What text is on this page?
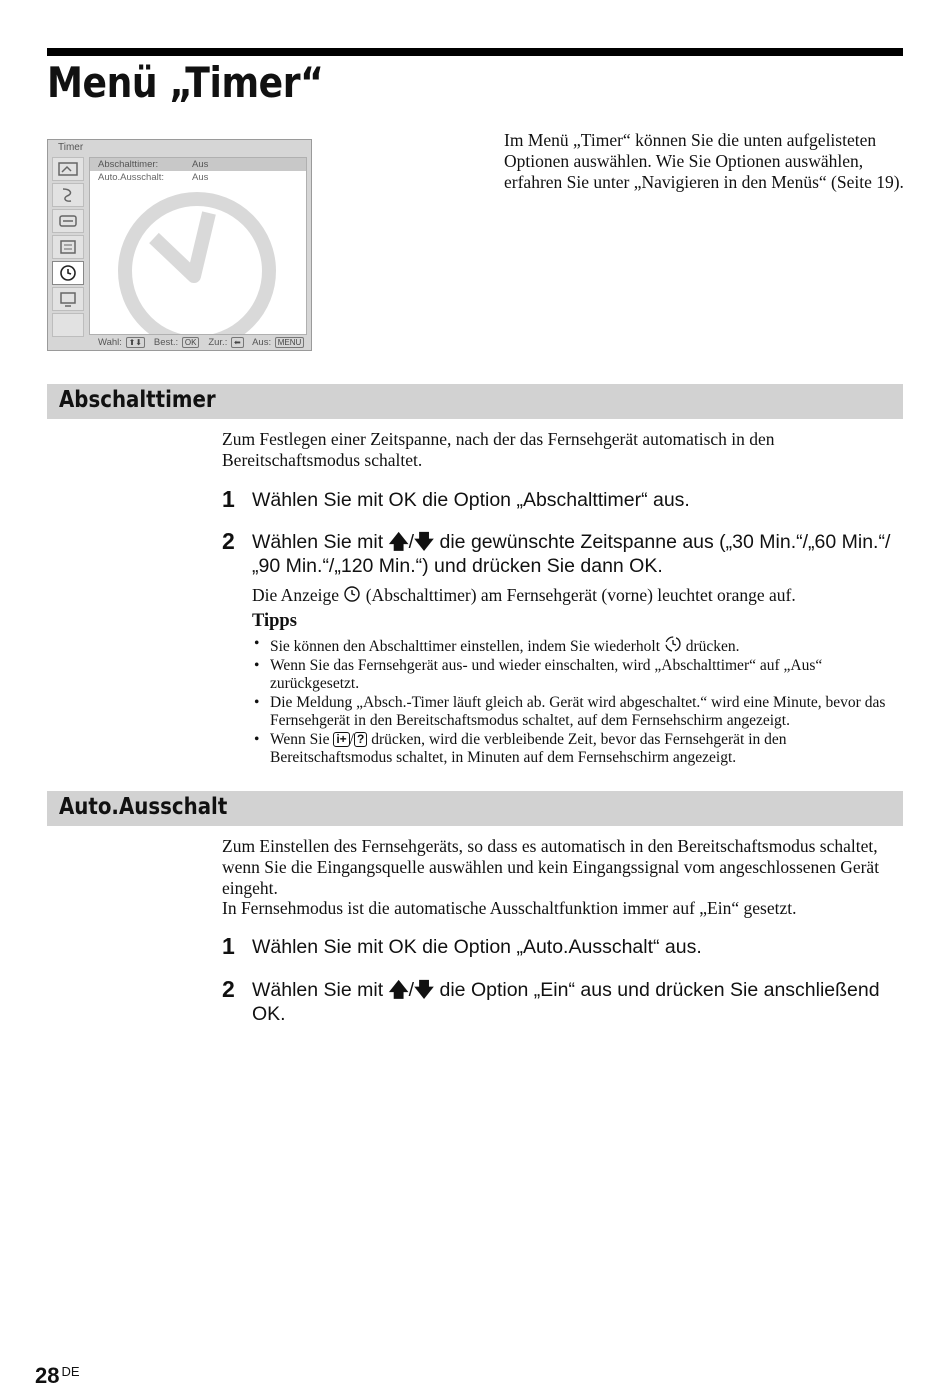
Menü „Timer“
Timer
Abschalttimer:	Aus
Auto.Ausschalt:	Aus
Wahl: ⬆⬇ Best.: OK Zur.: ⬅ Aus: MENU

Im Menü „Timer“ können Sie die unten aufgelisteten Optionen auswählen. Wie Sie Optionen auswählen, erfahren Sie unter „Navigieren in den Menüs“ (Seite 19).

Abschalttimer

Zum Festlegen einer Zeitspanne, nach der das Fernsehgerät automatisch in den Bereitschaftsmodus schaltet.

1 Wählen Sie mit OK die Option „Abschalttimer“ aus.
2 Wählen Sie mit 🡅/🡇 die gewünschte Zeitspanne aus („30 Min.“/„60 Min.“/„90 Min.“/„120 Min.“) und drücken Sie dann OK.

Die Anzeige (Abschalttimer) am Fernsehgerät (vorne) leuchtet orange auf.

Tipps

• Sie können den Abschalttimer einstellen, indem Sie wiederholt drücken.
• Wenn Sie das Fernsehgerät aus- und wieder einschalten, wird „Abschalttimer“ auf „Aus“ zurückgesetzt.
• Die Meldung „Absch.-Timer läuft gleich ab. Gerät wird abgeschaltet.“ wird eine Minute, bevor das Fernsehgerät in den Bereitschaftsmodus schaltet, auf dem Fernsehschirm angezeigt.
• Wenn Sie i+ / ? drücken, wird die verbleibende Zeit, bevor das Fernsehgerät in den Bereitschaftsmodus schaltet, in Minuten auf dem Fernsehschirm angezeigt.
Auto.Ausschalt

Zum Einstellen des Fernsehgeräts, so dass es automatisch in den Bereitschaftsmodus schaltet, wenn Sie die Eingangsquelle auswählen und kein Eingangssignal vom angeschlossenen Gerät eingeht.

In Fernsehmodus ist die automatische Ausschaltfunktion immer auf „Ein“ gesetzt.

1 Wählen Sie mit OK die Option „Auto.Ausschalt“ aus.
2 Wählen Sie mit 🡅/🡇 die Option „Ein“ aus und drücken Sie anschließend OK.
28 $^{DE}$
